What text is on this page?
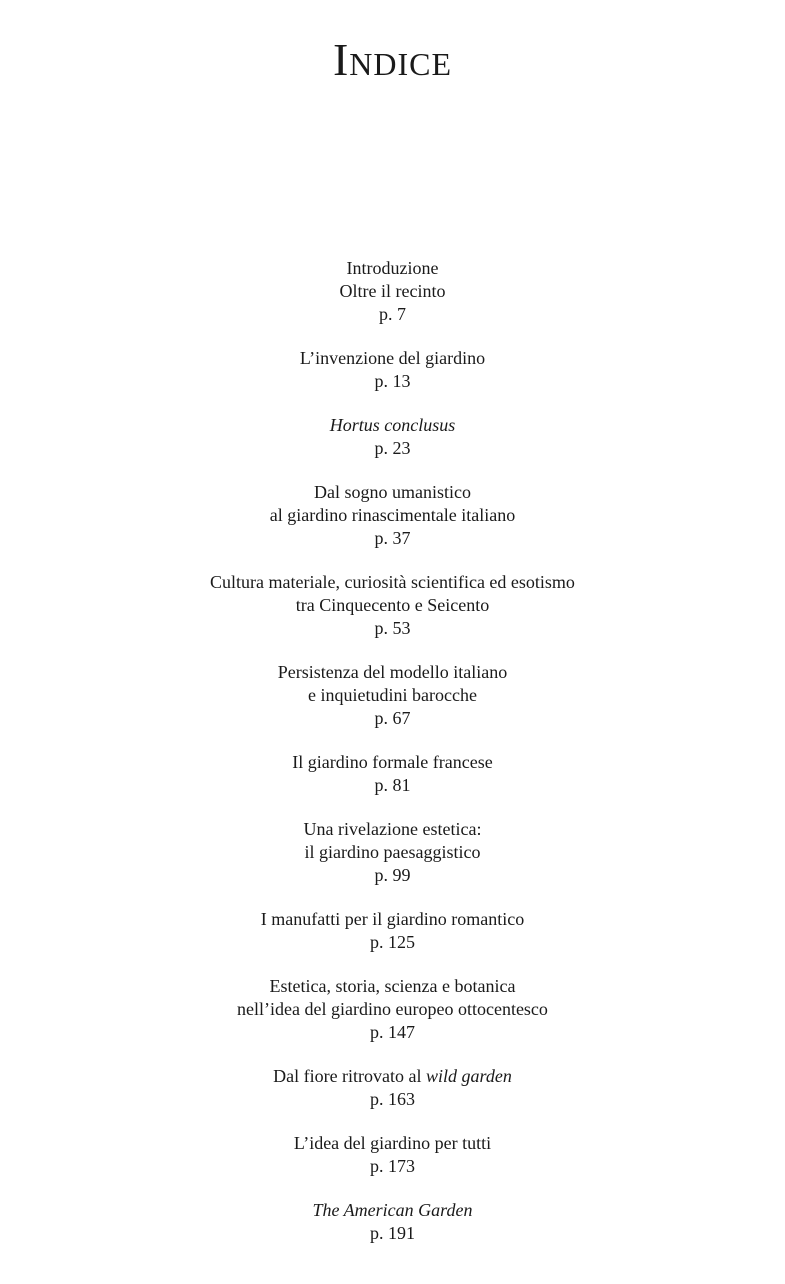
Indice
Introduzione
Oltre il recinto
p. 7
L’invenzione del giardino
p. 13
Hortus conclusus
p. 23
Dal sogno umanistico
al giardino rinascimentale italiano
p. 37
Cultura materiale, curiosità scientifica ed esotismo
tra Cinquecento e Seicento
p. 53
Persistenza del modello italiano
e inquietudini barocche
p. 67
Il giardino formale francese
p. 81
Una rivelazione estetica:
il giardino paesaggistico
p. 99
I manufatti per il giardino romantico
p. 125
Estetica, storia, scienza e botanica
nell’idea del giardino europeo ottocentesco
p. 147
Dal fiore ritrovato al wild garden
p. 163
L’idea del giardino per tutti
p. 173
The American Garden
p. 191
